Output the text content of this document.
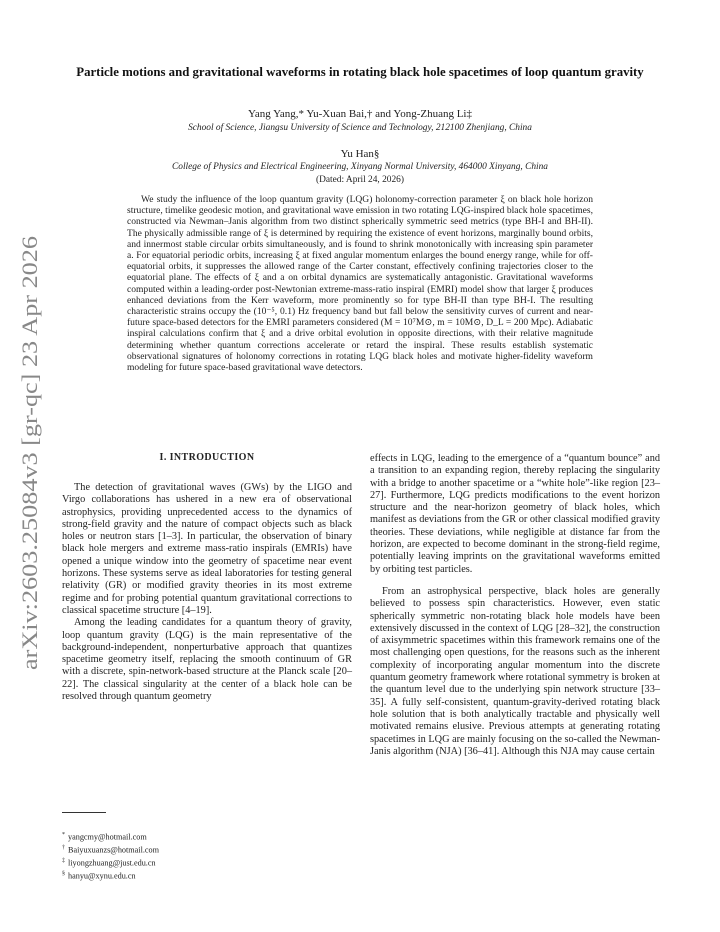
arXiv:2603.25084v3 [gr-qc] 23 Apr 2026
Particle motions and gravitational waveforms in rotating black hole spacetimes of loop quantum gravity
Yang Yang,* Yu-Xuan Bai,† and Yong-Zhuang Li‡
School of Science, Jiangsu University of Science and Technology, 212100 Zhenjiang, China
Yu Han§
College of Physics and Electrical Engineering, Xinyang Normal University, 464000 Xinyang, China
(Dated: April 24, 2026)

We study the influence of the loop quantum gravity (LQG) holonomy-correction parameter ξ on black hole horizon structure, timelike geodesic motion, and gravitational wave emission in two rotating LQG-inspired black hole spacetimes, constructed via Newman–Janis algorithm from two distinct spherically symmetric seed metrics (type BH-I and BH-II). The physically admissible range of ξ is determined by requiring the existence of event horizons, marginally bound orbits, and innermost stable circular orbits simultaneously, and is found to shrink monotonically with increasing spin parameter a. For equatorial periodic orbits, increasing ξ at fixed angular momentum enlarges the bound energy range, while for off-equatorial orbits, it suppresses the allowed range of the Carter constant, effectively confining trajectories closer to the equatorial plane. The effects of ξ and a on orbital dynamics are systematically antagonistic. Gravitational waveforms computed within a leading-order post-Newtonian extreme-mass-ratio inspiral (EMRI) model show that larger ξ produces enhanced deviations from the Kerr waveform, more prominently so for type BH-II than type BH-I. The resulting characteristic strains occupy the (10⁻⁵, 0.1) Hz frequency band but fall below the sensitivity curves of current and near-future space-based detectors for the EMRI parameters considered (M = 10⁷M⊙, m = 10M⊙, D_L = 200 Mpc). Adiabatic inspiral calculations confirm that ξ and a drive orbital evolution in opposite directions, with their relative magnitude determining whether quantum corrections accelerate or retard the inspiral. These results establish systematic observational signatures of holonomy corrections in rotating LQG black holes and motivate higher-fidelity waveform modeling for future space-based gravitational wave detectors.

I. INTRODUCTION

The detection of gravitational waves (GWs) by the LIGO and Virgo collaborations has ushered in a new era of observational astrophysics, providing unprecedented access to the dynamics of strong-field gravity and the nature of compact objects such as black holes or neutron stars [1–3]. In particular, the observation of binary black hole mergers and extreme mass-ratio inspirals (EMRIs) have opened a unique window into the geometry of spacetime near event horizons. These systems serve as ideal laboratories for testing general relativity (GR) or modified gravity theories in its most extreme regime and for probing potential quantum gravitational corrections to classical spacetime structure [4–19].

Among the leading candidates for a quantum theory of gravity, loop quantum gravity (LQG) is the main representative of the background-independent, nonperturbative approach that quantizes spacetime geometry itself, replacing the smooth continuum of GR with a discrete, spin-network-based structure at the Planck scale [20–22]. The classical singularity at the center of a black hole can be resolved through quantum geometry

effects in LQG, leading to the emergence of a “quantum bounce” and a transition to an expanding region, thereby replacing the singularity with a bridge to another spacetime or a “white hole”-like region [23–27]. Furthermore, LQG predicts modifications to the event horizon structure and the near-horizon geometry of black holes, which manifest as deviations from the GR or other classical modified gravity theories. These deviations, while negligible at distance far from the horizon, are expected to become dominant in the strong-field regime, potentially leaving imprints on the gravitational waveforms emitted by orbiting test particles.

From an astrophysical perspective, black holes are generally believed to possess spin characteristics. However, even static spherically symmetric non-rotating black hole models have been extensively discussed in the context of LQG [28–32], the construction of axisymmetric spacetimes within this framework remains one of the most challenging open questions, for the reasons such as the inherent complexity of incorporating angular momentum into the discrete quantum geometry framework where rotational symmetry is broken at the quantum level due to the underlying spin network structure [33–35]. A fully self-consistent, quantum-gravity-derived rotating black hole solution that is both analytically tractable and physically well motivated remains elusive. Previous attempts at generating rotating spacetimes in LQG are mainly focusing on the so-called the Newman-Janis algorithm (NJA) [36–41]. Although this NJA may cause certain

* yangcmy@hotmail.com
† Baiyuxuanzs@hotmail.com
‡ liyongzhuang@just.edu.cn
§ hanyu@xynu.edu.cn
